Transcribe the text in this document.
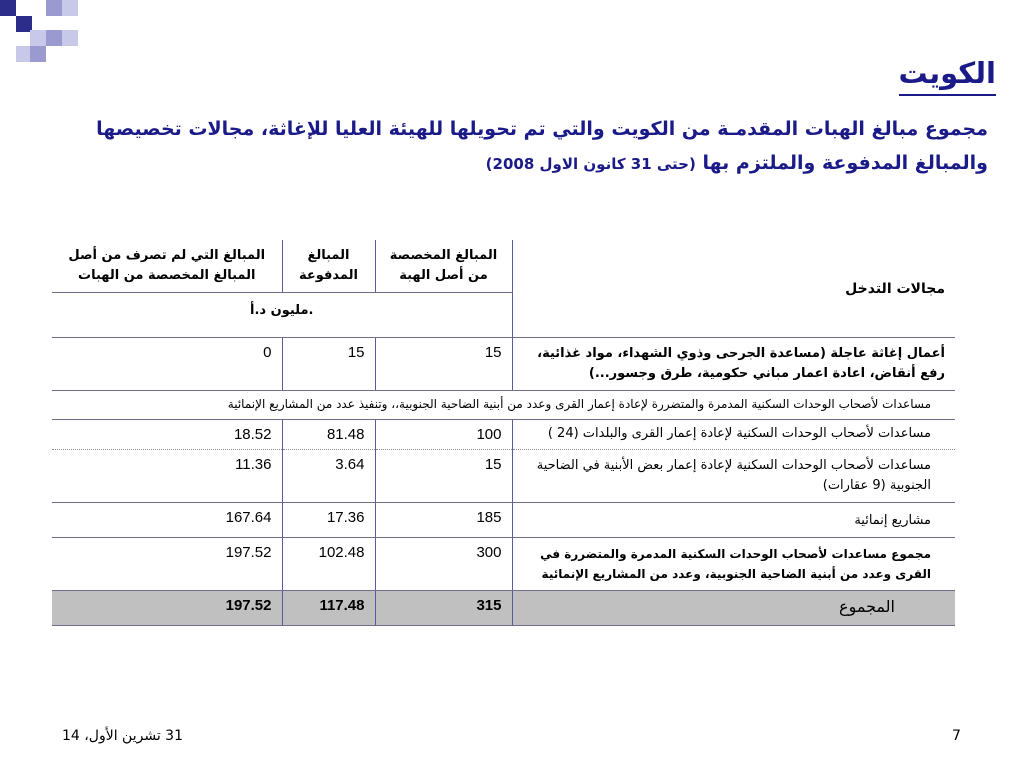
الكويت
مجموع مبالغ الهبات المقدمـة من الكويت والتي تم تحويلها للهيئة العليا للإغاثة، مجالات تخصيصها والمبالغ المدفوعة والملتزم بها (حتى 31 كانون الاول 2008)
المبالغ التي لم تصرف من أصل المبالغ المخصصة من الهبات	المبالغ المدفوعة	المبالغ المخصصة من أصل الهبة	مجالات التدخل
مليون د.أ.			
0	15	15	أعمال إغاثة عاجلة (مساعدة الجرحى وذوي الشهداء، مواد غذائية، رفع أنقاض، اعادة اعمار مباني حكومية، طرق وجسور...)
مساعدات لأصحاب الوحدات السكنية المدمرة والمتضررة لإعادة إعمار القرى وعدد من أبنية الضاحية الجنوبية،، وتنفيذ عدد من المشاريع الإنمائية			
18.52	81.48	100	مساعدات لأصحاب الوحدات السكنية لإعادة إعمار القرى والبلدات (24 )
11.36	3.64	15	مساعدات لأصحاب الوحدات السكنية لإعادة إعمار بعض الأبنية في الضاحية الجنوبية (9 عقارات)
167.64	17.36	185	مشاريع إنمائية
197.52	102.48	300	مجموع مساعدات لأصحاب الوحدات السكنية المدمرة والمتضررة في القرى وعدد من أبنية الضاحية الجنوبية، وعدد من المشاريع الإنمائية
197.52	117.48	315	المجموع
31 تشرين الأول، 14	7
